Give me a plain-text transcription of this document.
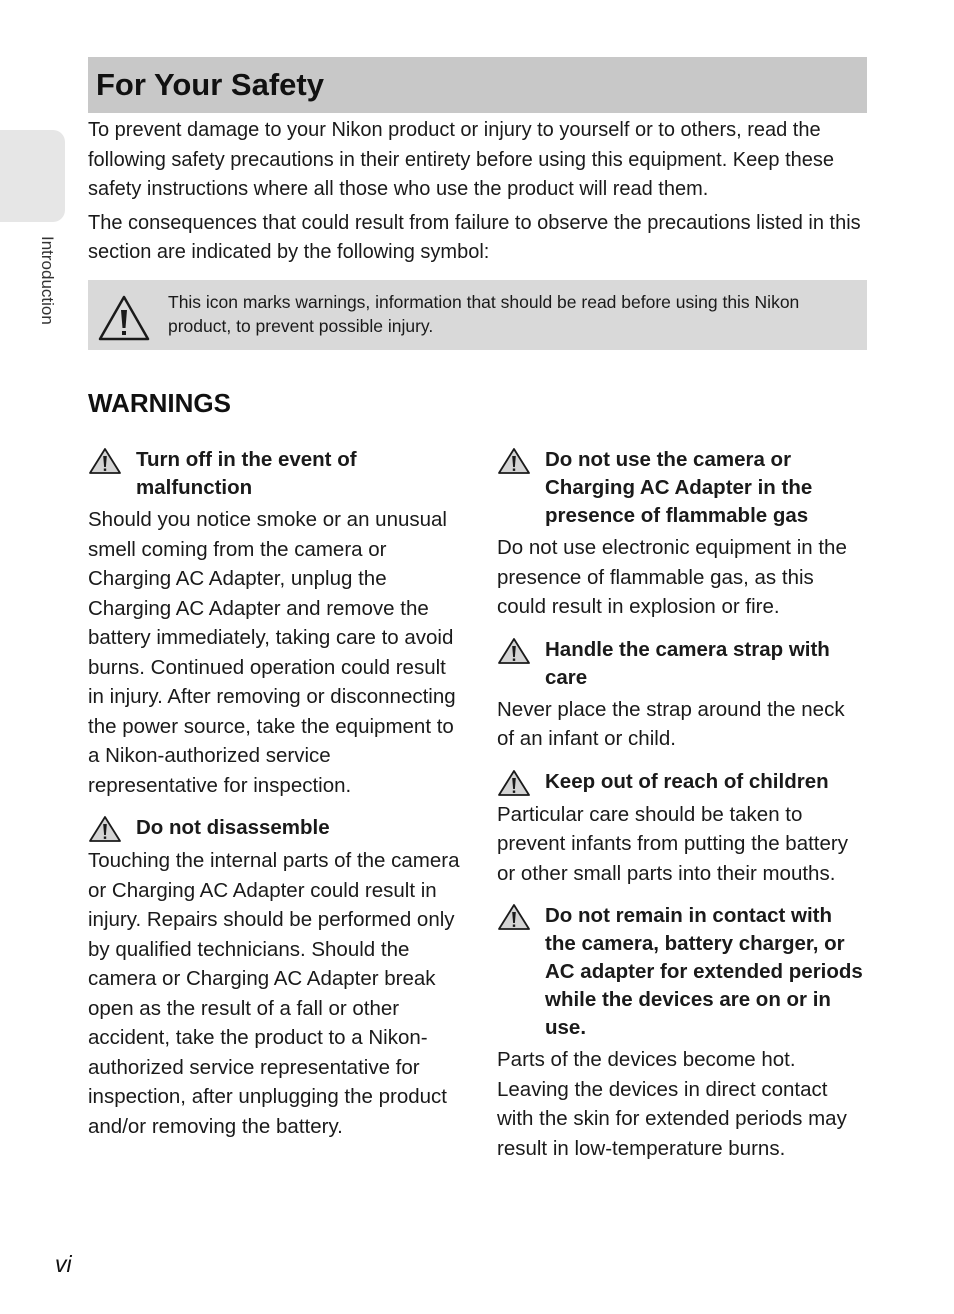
Introduction
For Your Safety

To prevent damage to your Nikon product or injury to yourself or to others, read the following safety precautions in their entirety before using this equipment. Keep these safety instructions where all those who use the product will read them.

The consequences that could result from failure to observe the precautions listed in this section are indicated by the following symbol:

This icon marks warnings, information that should be read before using this Nikon product, to prevent possible injury.
WARNINGS
Turn off in the event of malfunction

Should you notice smoke or an unusual smell coming from the camera or Charging AC Adapter, unplug the Charging AC Adapter and remove the battery immediately, taking care to avoid burns. Continued operation could result in injury. After removing or disconnecting the power source, take the equipment to a Nikon-authorized service representative for inspection.

Do not disassemble

Touching the internal parts of the camera or Charging AC Adapter could result in injury. Repairs should be performed only by qualified technicians. Should the camera or Charging AC Adapter break open as the result of a fall or other accident, take the product to a Nikon-authorized service representative for inspection, after unplugging the product and/or removing the battery.

Do not use the camera or Charging AC Adapter in the presence of flammable gas

Do not use electronic equipment in the presence of flammable gas, as this could result in explosion or fire.

Handle the camera strap with care

Never place the strap around the neck of an infant or child.

Keep out of reach of children

Particular care should be taken to prevent infants from putting the battery or other small parts into their mouths.

Do not remain in contact with the camera, battery charger, or AC adapter for extended periods while the devices are on or in use.

Parts of the devices become hot. Leaving the devices in direct contact with the skin for extended periods may result in low-temperature burns.

vi
